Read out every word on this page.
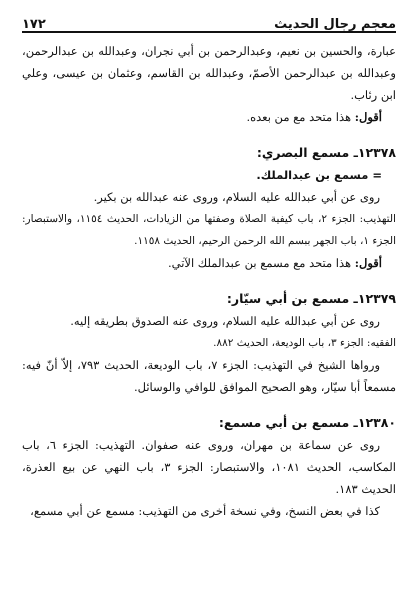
١٧٢	معجم رجال الحديث

عبارة، والحسين بن نعيم، وعبدالرحمن بن أبي نجران، وعبدالله بن عبدالرحمن، وعبدالله بن عبدالرحمن الأصمّ، وعبدالله بن القاسم، وعثمان بن عيسى، وعلي ابن رئاب.

أقول: هذا متحد مع من بعده.

١٢٣٧٨ـ مسمع البصري:
= مسمع بن عبدالملك.

روى عن أبي عبدالله عليه السلام، وروى عنه عبدالله بن بكير.

التهذيب: الجزء ٢، باب كيفية الصلاة وصفتها من الزيادات، الحديث ١١٥٤، والاستبصار: الجزء ١، باب الجهر ببسم الله الرحمن الرحيم، الحديث ١١٥٨.

أقول: هذا متحد مع مسمع بن عبدالملك الآتي.

١٢٣٧٩ـ مسمع بن أبي سيّار:

روى عن أبي عبدالله عليه السلام، وروى عنه الصدوق بطريقه إليه.

الفقيه: الجزء ٣، باب الوديعة، الحديث ٨٨٢.

ورواها الشيخ في التهذيب: الجزء ٧، باب الوديعة، الحديث ٧٩٣، إلاّ أنّ فيه: مسمعاً أبا سيّار، وهو الصحيح الموافق للوافي والوسائل.

١٢٣٨٠ـ مسمع بن أبي مسمع:

روى عن سماعة بن مهران، وروى عنه صفوان. التهذيب: الجزء ٦، باب المكاسب، الحديث ١٠٨١، والاستبصار: الجزء ٣، باب النهي عن بيع العذرة، الحديث ١٨٣.

كذا في بعض النسخ، وفي نسخة أخرى من التهذيب: مسمع عن أبي مسمع،
